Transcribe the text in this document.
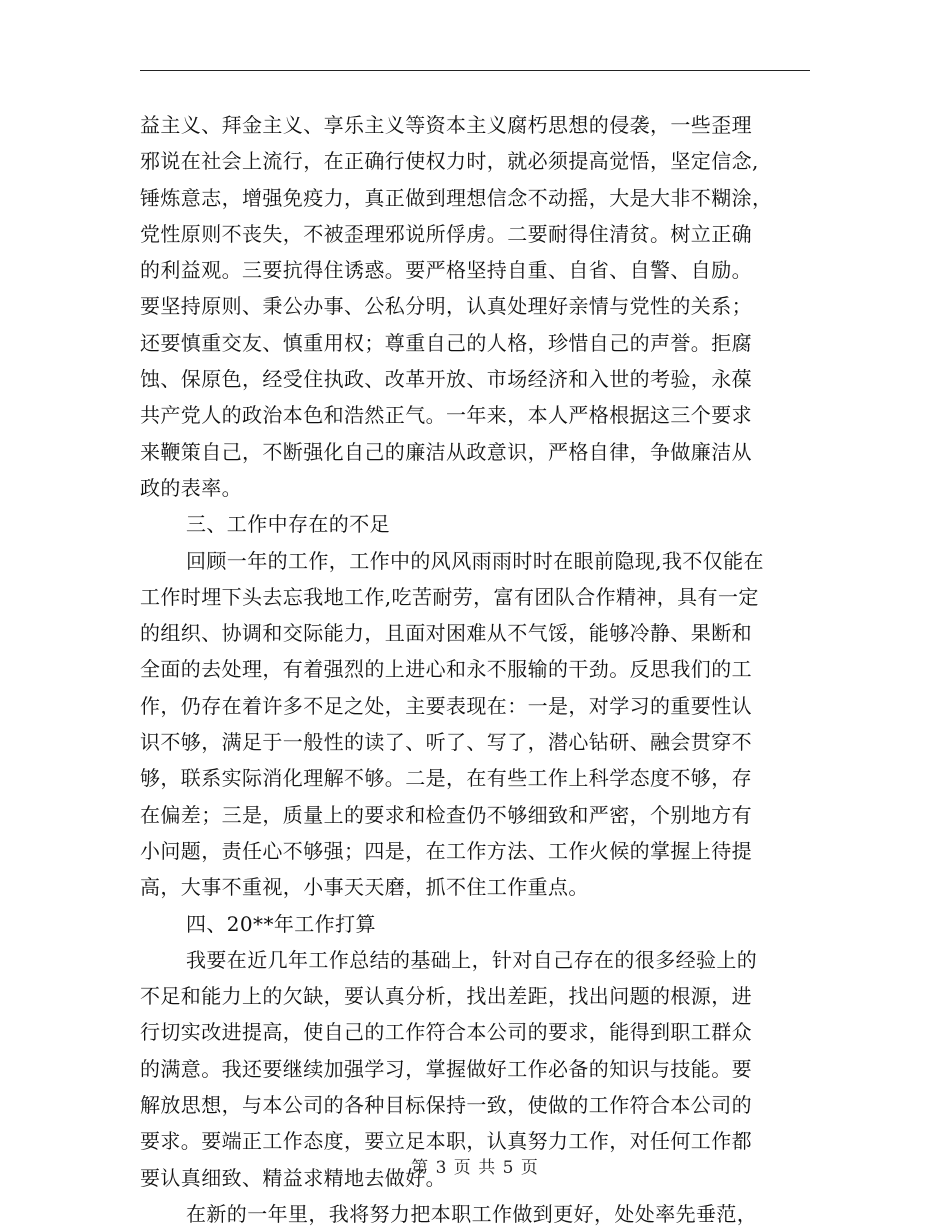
益主义、拜金主义、享乐主义等资本主义腐朽思想的侵袭，一些歪理
邪说在社会上流行，在正确行使权力时，就必须提高觉悟，坚定信念,
锤炼意志，增强免疫力，真正做到理想信念不动摇，大是大非不糊涂，
党性原则不丧失，不被歪理邪说所俘虏。二要耐得住清贫。树立正确
的利益观。三要抗得住诱惑。要严格坚持自重、自省、自警、自励。
要坚持原则、秉公办事、公私分明，认真处理好亲情与党性的关系；
还要慎重交友、慎重用权；尊重自己的人格，珍惜自己的声誉。拒腐
蚀、保原色，经受住执政、改革开放、市场经济和入世的考验，永葆
共产党人的政治本色和浩然正气。一年来，本人严格根据这三个要求
来鞭策自己，不断强化自己的廉洁从政意识，严格自律，争做廉洁从
政的表率。
三、工作中存在的不足
回顾一年的工作，工作中的风风雨雨时时在眼前隐现,我不仅能在
工作时埋下头去忘我地工作,吃苦耐劳，富有团队合作精神，具有一定
的组织、协调和交际能力，且面对困难从不气馁，能够冷静、果断和
全面的去处理，有着强烈的上进心和永不服输的干劲。反思我们的工
作，仍存在着许多不足之处，主要表现在：一是，对学习的重要性认
识不够，满足于一般性的读了、听了、写了，潜心钻研、融会贯穿不
够，联系实际消化理解不够。二是，在有些工作上科学态度不够，存
在偏差；三是，质量上的要求和检查仍不够细致和严密，个别地方有
小问题，责任心不够强；四是，在工作方法、工作火候的掌握上待提
高，大事不重视，小事天天磨，抓不住工作重点。
四、20**年工作打算
我要在近几年工作总结的基础上，针对自己存在的很多经验上的
不足和能力上的欠缺，要认真分析，找出差距，找出问题的根源，进
行切实改进提高，使自己的工作符合本公司的要求，能得到职工群众
的满意。我还要继续加强学习，掌握做好工作必备的知识与技能。要
解放思想，与本公司的各种目标保持一致，使做的工作符合本公司的
要求。要端正工作态度，要立足本职，认真努力工作，对任何工作都
要认真细致、精益求精地去做好。
在新的一年里，我将努力把本职工作做到更好，处处率先垂范，
第 3 页 共 5 页
